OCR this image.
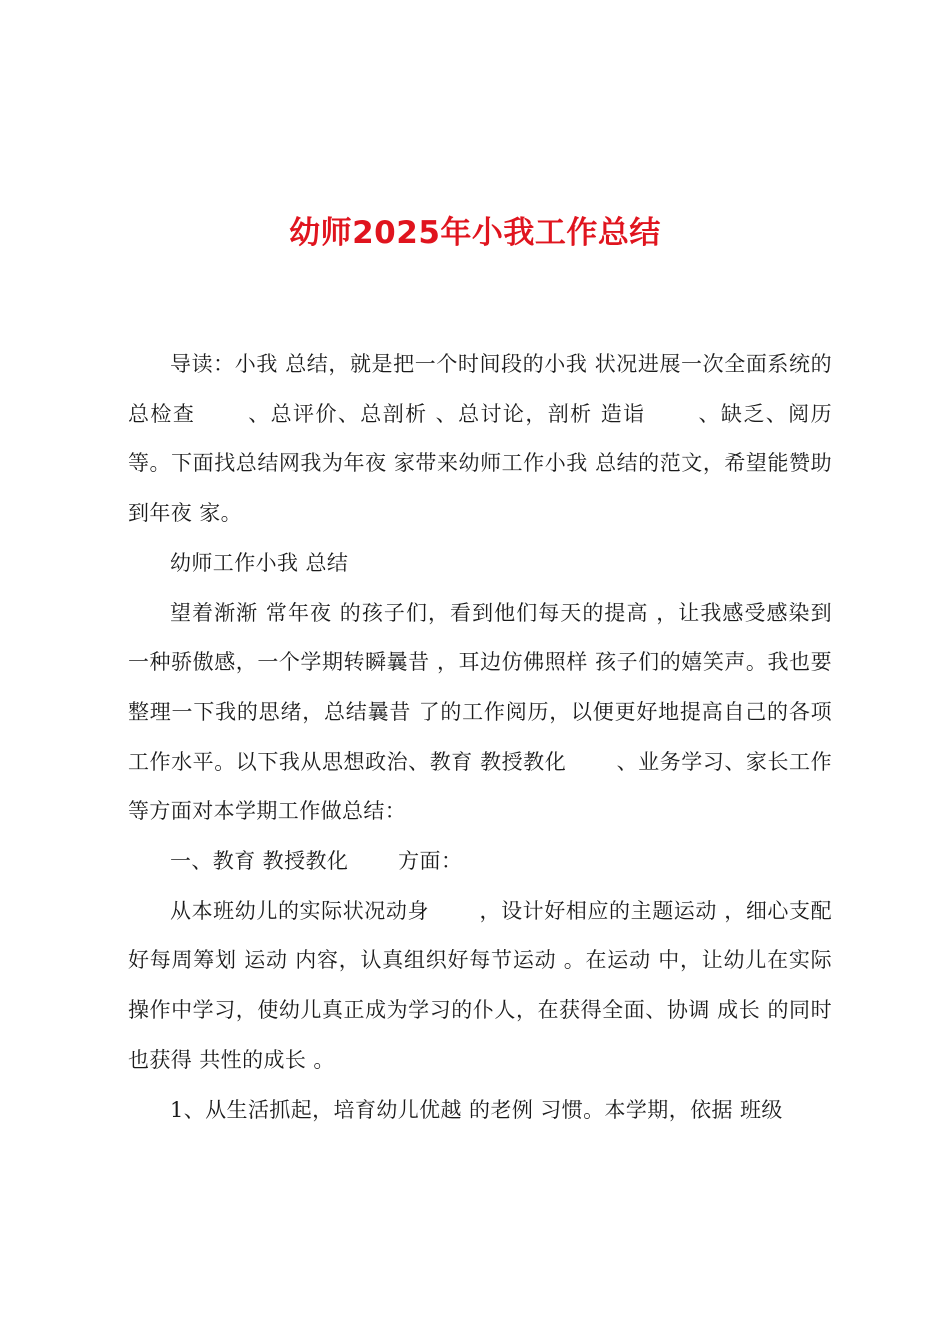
幼师2025年小我工作总结

导读：小我 总结，就是把一个时间段的小我 状况进展一次全面系统的总检查 　　、总评价、总剖析 、总讨论，剖析 造诣 　　、缺乏、阅历等。下面找总结网我为年夜 家带来幼师工作小我 总结的范文，希望能赞助 到年夜 家。

幼师工作小我 总结

望着渐渐 常年夜 的孩子们，看到他们每天的提高 ，让我感受感染到一种骄傲感，一个学期转瞬曩昔 ，耳边仿佛照样 孩子们的嬉笑声。我也要整理一下我的思绪，总结曩昔 了的工作阅历，以便更好地提高自己的各项工作水平。以下我从思想政治、教育 教授教化 　　、业务学习、家长工作等方面对本学期工作做总结：

一、教育 教授教化 　　方面：

从本班幼儿的实际状况动身 　　，设计好相应的主题运动 ，细心支配 好每周筹划 运动 内容，认真组织好每节运动 。在运动 中，让幼儿在实际操作中学习，使幼儿真正成为学习的仆人，在获得全面、协调 成长 的同时也获得 共性的成长 。

1、从生活抓起，培育幼儿优越 的老例 习惯。本学期，依据 班级
